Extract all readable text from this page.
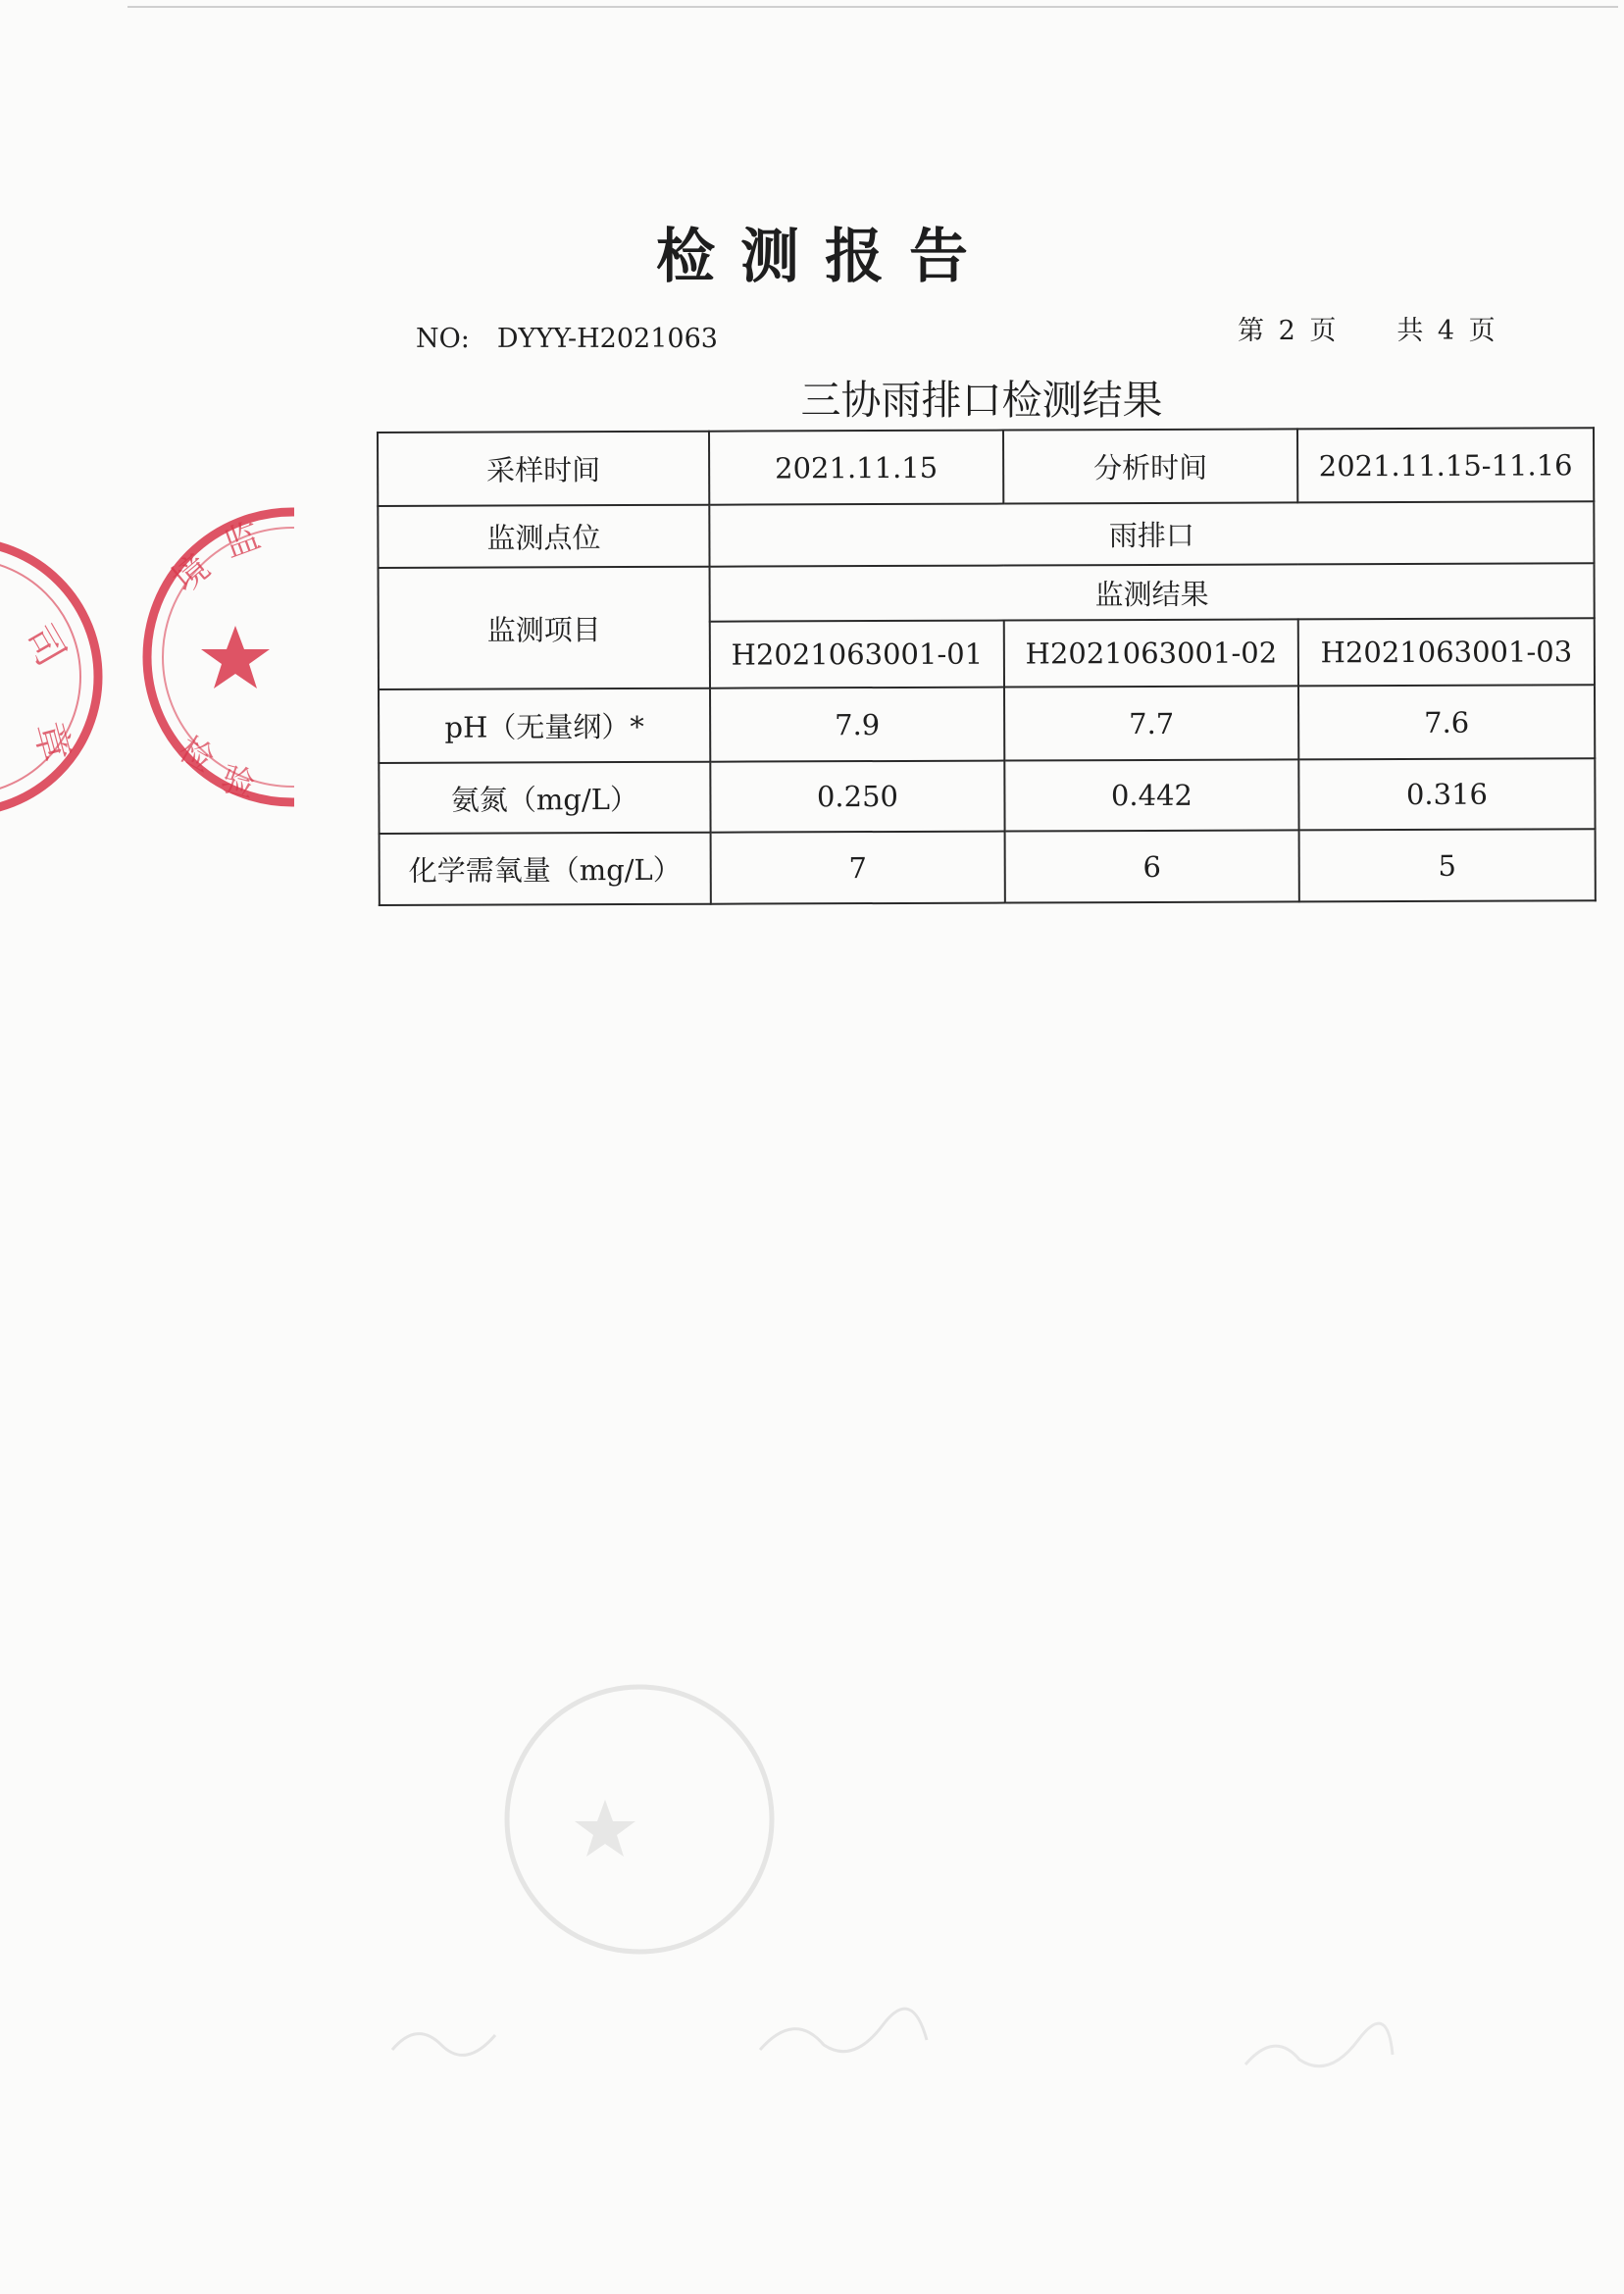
检测报告
NO: DYYY-H2021063	第 2 页 共 4 页
三协雨排口检测结果
采样时间	2021.11.15	分析时间	2021.11.15-11.16
监测点位	雨排口		
监测项目	监测结果		
	H2021063001-01	H2021063001-02	H2021063001-03
pH（无量纲）*	7.9	7.7	7.6
氨氮（mg/L）	0.250	0.442	0.316
化学需氧量（mg/L）	7	6	5
司
章
境
监
检
验
